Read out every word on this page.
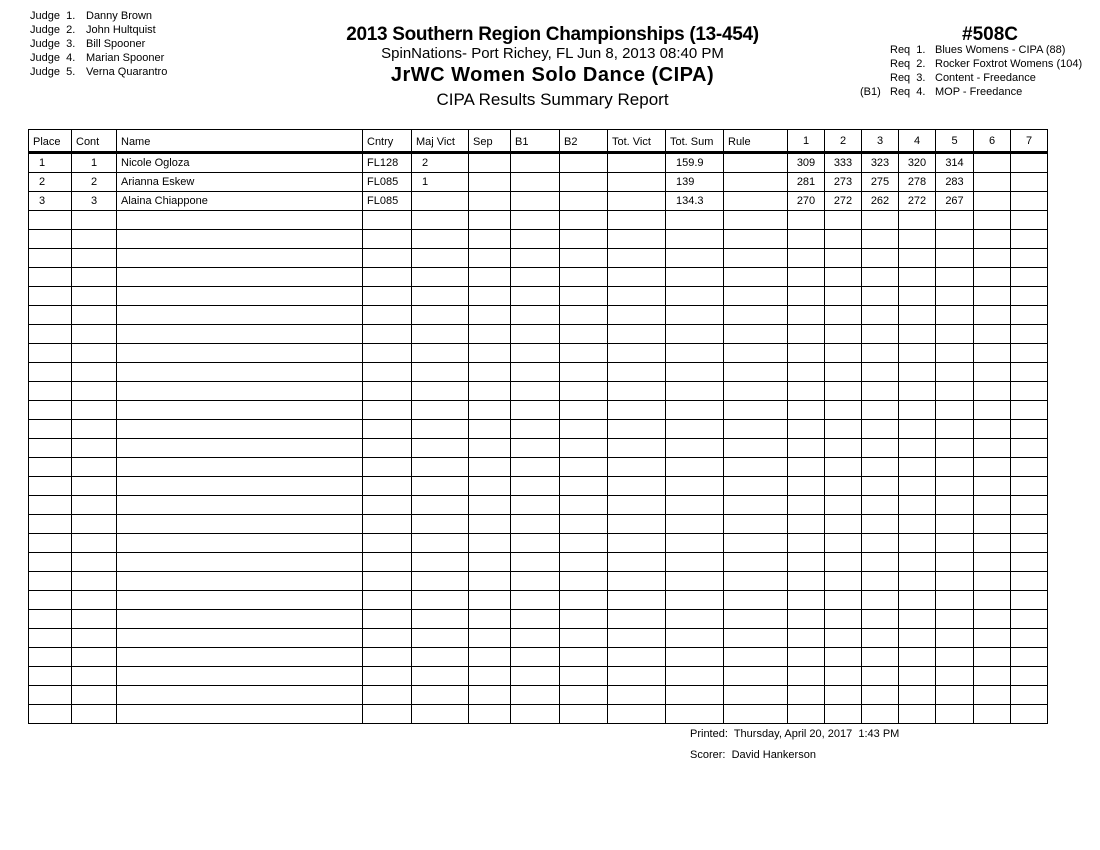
Judge  1. Danny Brown
Judge  2. John Hultquist
Judge  3. Bill Spooner
Judge  4. Marian Spooner
Judge  5. Verna Quarantro
2013 Southern Region Championships (13-454)
SpinNations- Port Richey, FL Jun 8, 2013 08:40 PM
JrWC Women Solo Dance (CIPA)
CIPA Results Summary Report
#508C
Req  1. Blues Womens - CIPA (88)
Req  2. Rocker Foxtrot Womens (104)
Req  3. Content - Freedance
(B1) Req  4. MOP - Freedance
Place	Cont	Name	Cntry	Maj Vict	Sep	B1	B2	Tot. Vict	Tot. Sum	Rule	1	2	3	4	5	6	7
1	1	Nicole Ogloza	FL128	2					159.9		309	333	323	320	314		
2	2	Arianna Eskew	FL085	1					139		281	273	275	278	283		
3	3	Alaina Chiappone	FL085						134.3		270	272	262	272	267		

Printed:  Thursday, April 20, 2017  1:43 PM
Scorer:  David Hankerson
